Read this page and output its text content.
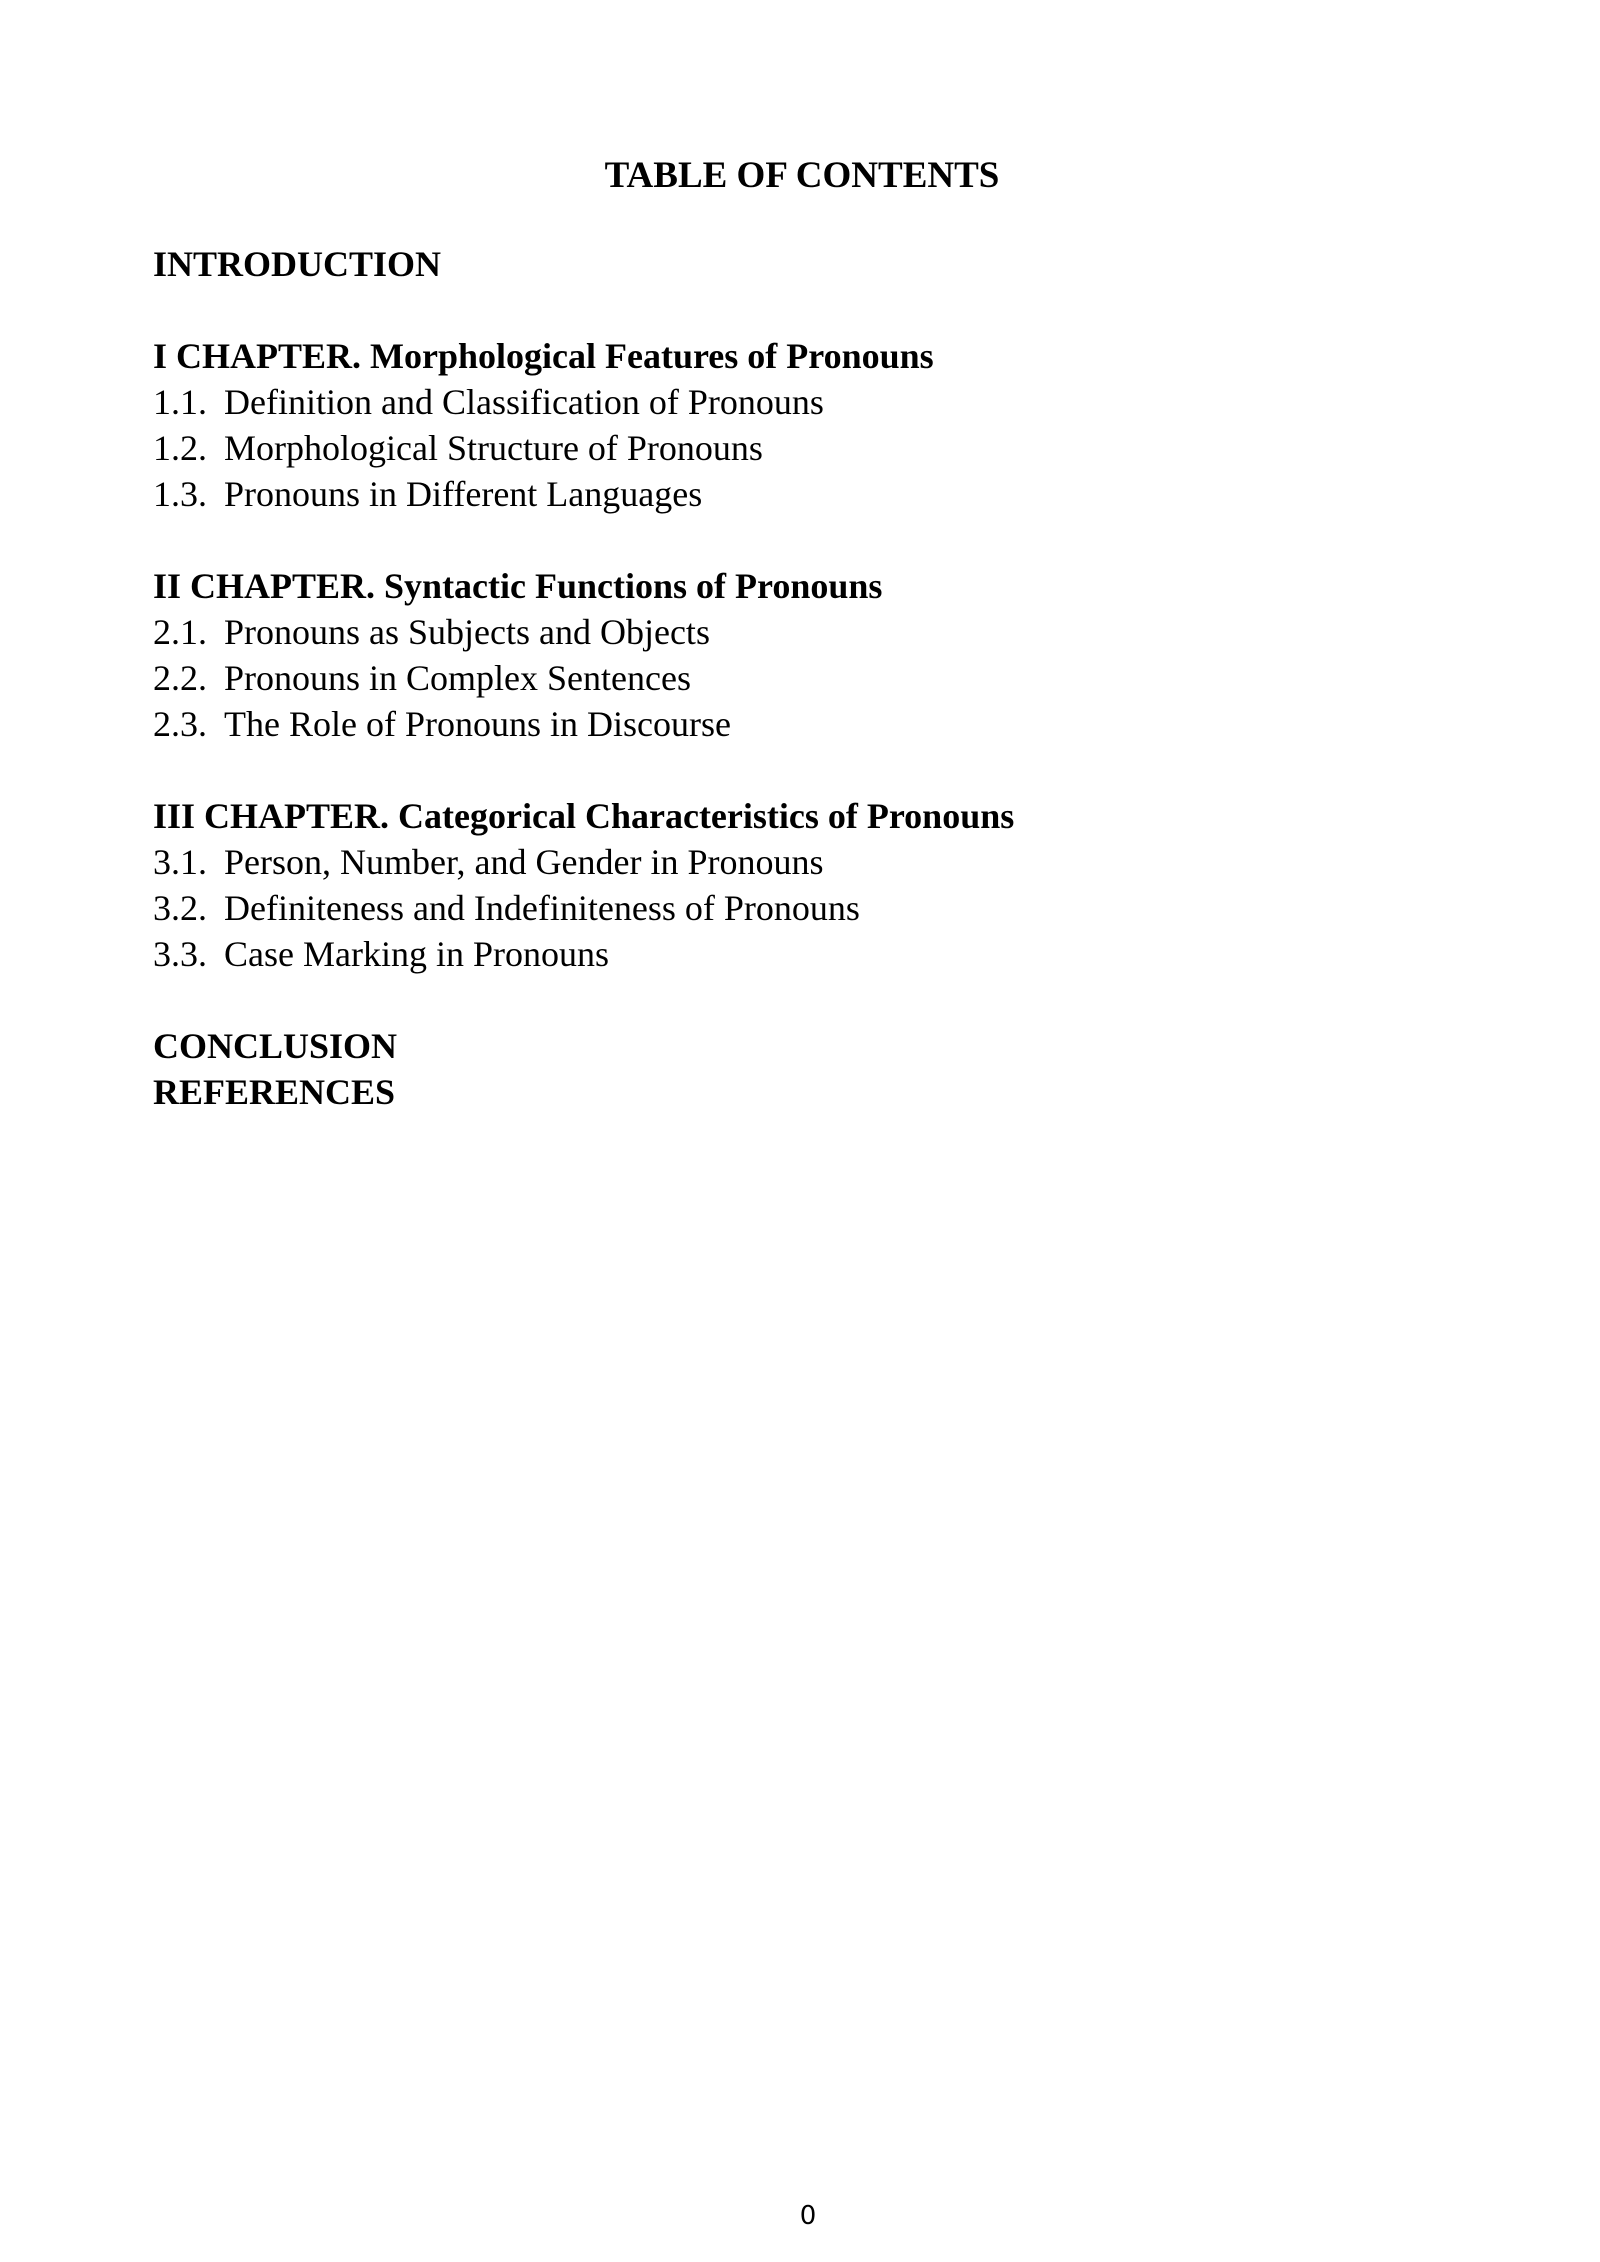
TABLE OF CONTENTS
INTRODUCTION
I CHAPTER. Morphological Features of Pronouns
1.1. Definition and Classification of Pronouns
1.2. Morphological Structure of Pronouns
1.3. Pronouns in Different Languages
II CHAPTER. Syntactic Functions of Pronouns
2.1. Pronouns as Subjects and Objects
2.2. Pronouns in Complex Sentences
2.3. The Role of Pronouns in Discourse
III CHAPTER. Categorical Characteristics of Pronouns
3.1. Person, Number, and Gender in Pronouns
3.2. Definiteness and Indefiniteness of Pronouns
3.3. Case Marking in Pronouns
CONCLUSION
REFERENCES
0
